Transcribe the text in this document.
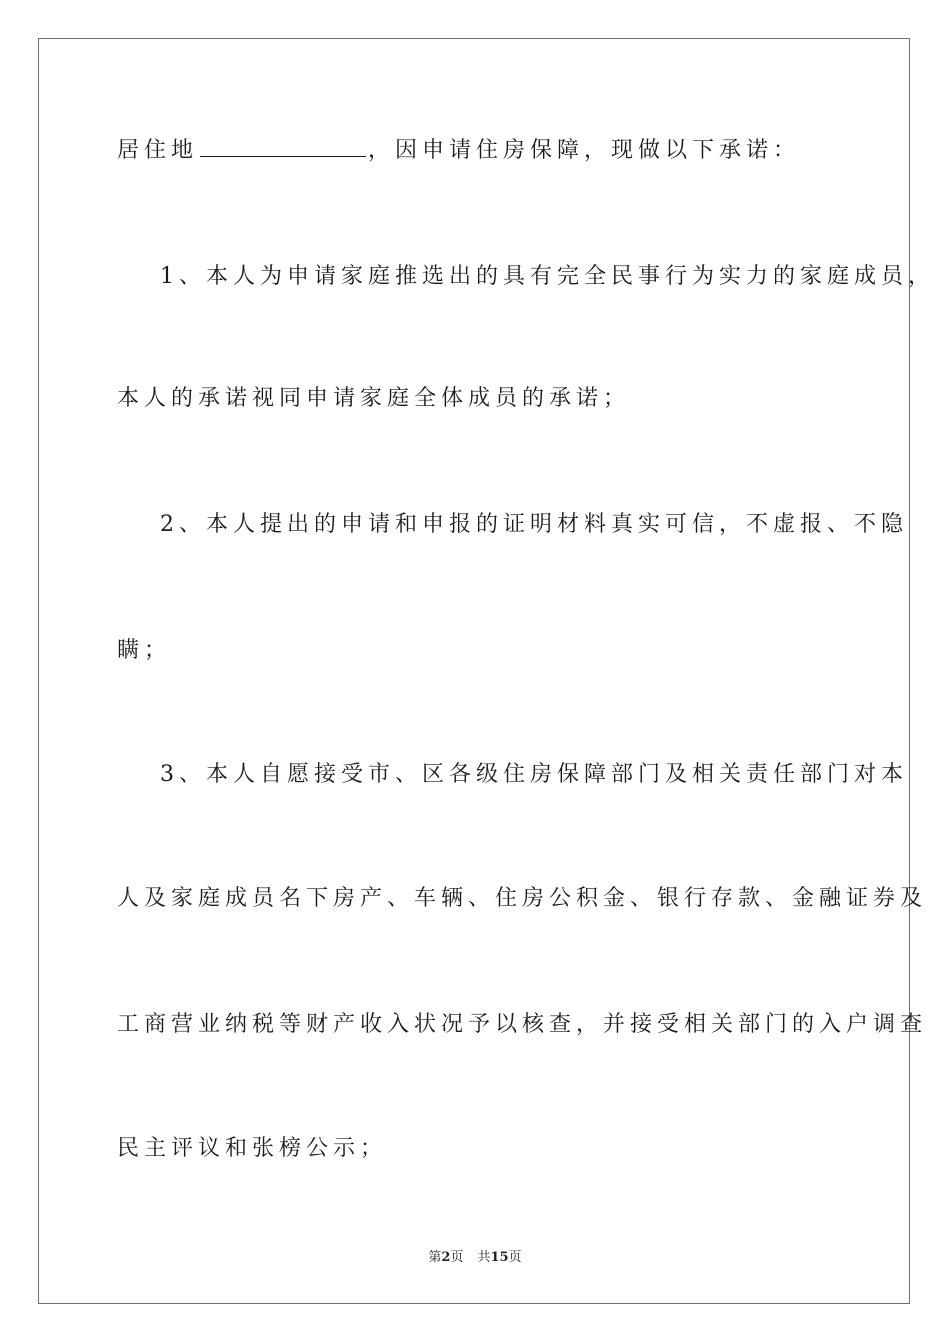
居住地	，因申请住房保障，现做以下承诺：
1、本人为申请家庭推选出的具有完全民事行为实力的家庭成员，
本人的承诺视同申请家庭全体成员的承诺；
2、本人提出的申请和申报的证明材料真实可信，不虚报、不隐
瞒；
3、本人自愿接受市、区各级住房保障部门及相关责任部门对本
人及家庭成员名下房产、车辆、住房公积金、银行存款、金融证券及
工商营业纳税等财产收入状况予以核查，并接受相关部门的入户调查
民主评议和张榜公示；
第2页 共15页
